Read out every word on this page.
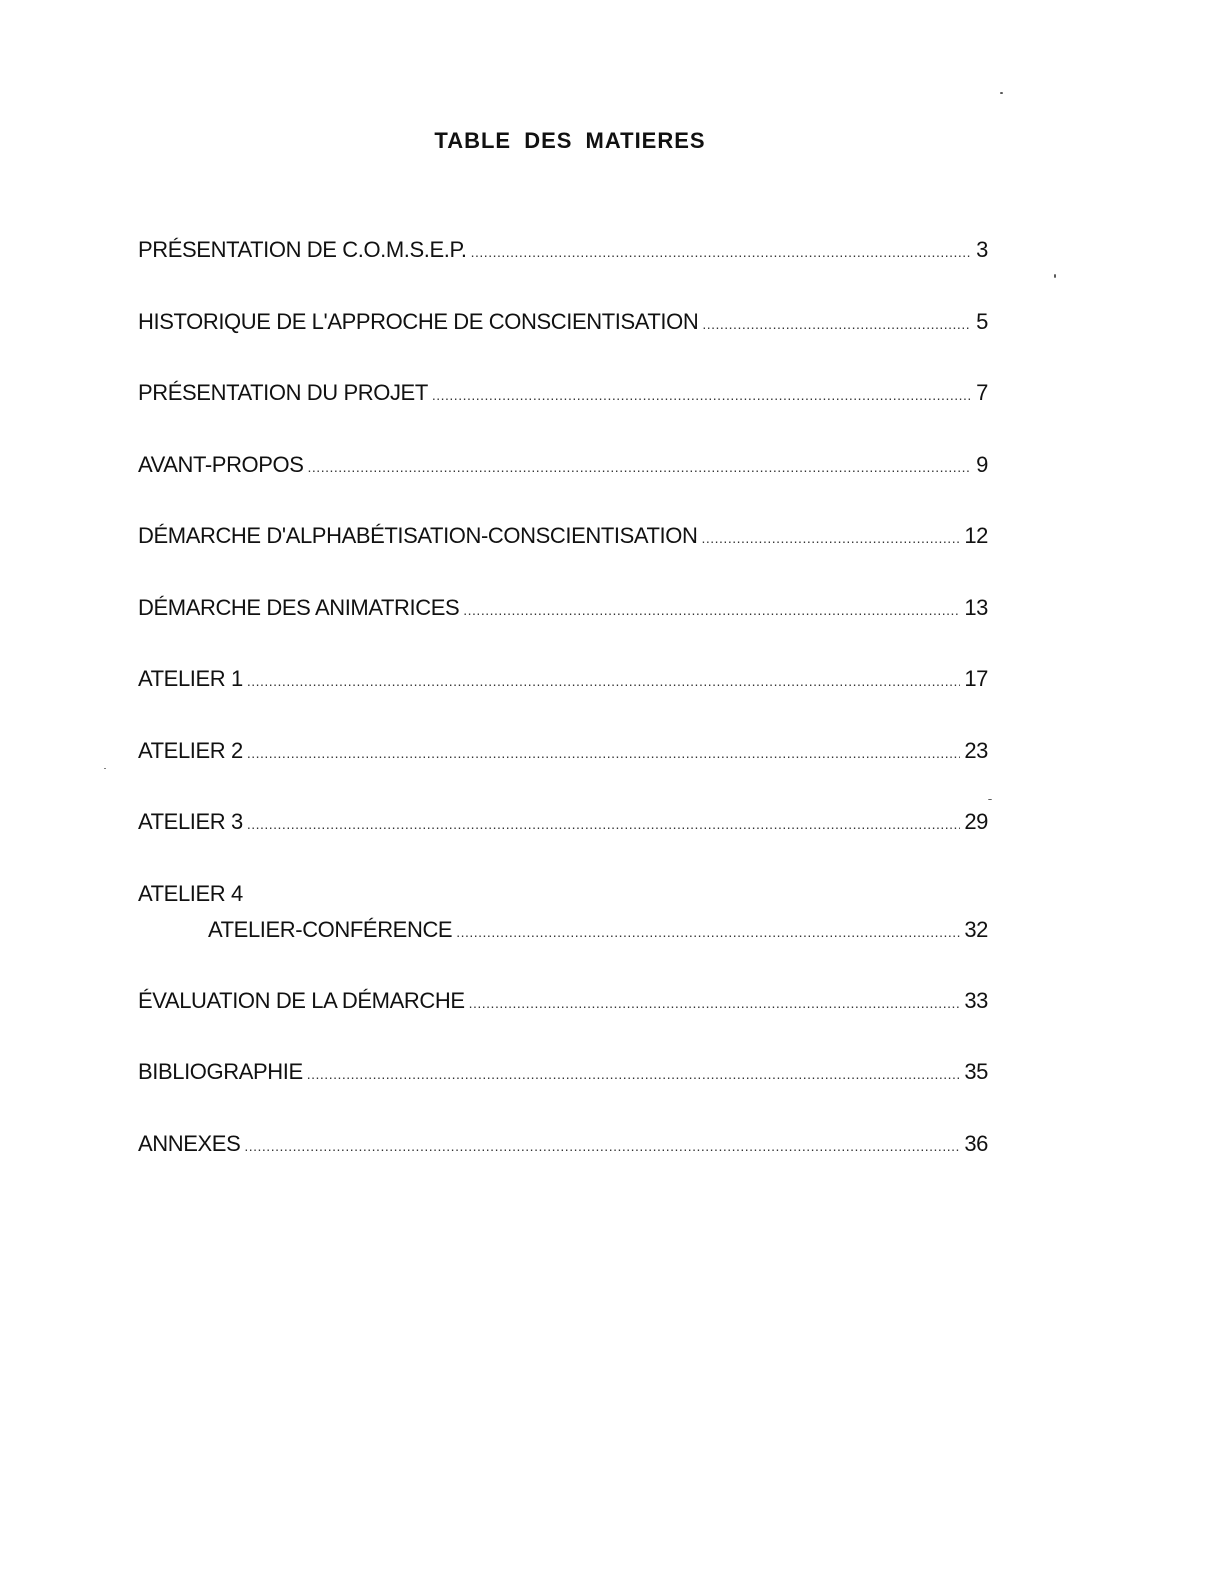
TABLE DES MATIERES
PRÉSENTATION DE C.O.M.S.E.P. .....	3
HISTORIQUE DE L'APPROCHE DE CONSCIENTISATION .....	5
PRÉSENTATION DU PROJET .....	7
AVANT-PROPOS .....	9
DÉMARCHE D'ALPHABÉTISATION-CONSCIENTISATION .....	12
DÉMARCHE DES ANIMATRICES .....	13
ATELIER 1 .....	17
ATELIER 2 .....	23
ATELIER 3 .....	29
ATELIER 4
ATELIER-CONFÉRENCE .....	32
ÉVALUATION DE LA DÉMARCHE .....	33
BIBLIOGRAPHIE .....	35
ANNEXES .....	36
